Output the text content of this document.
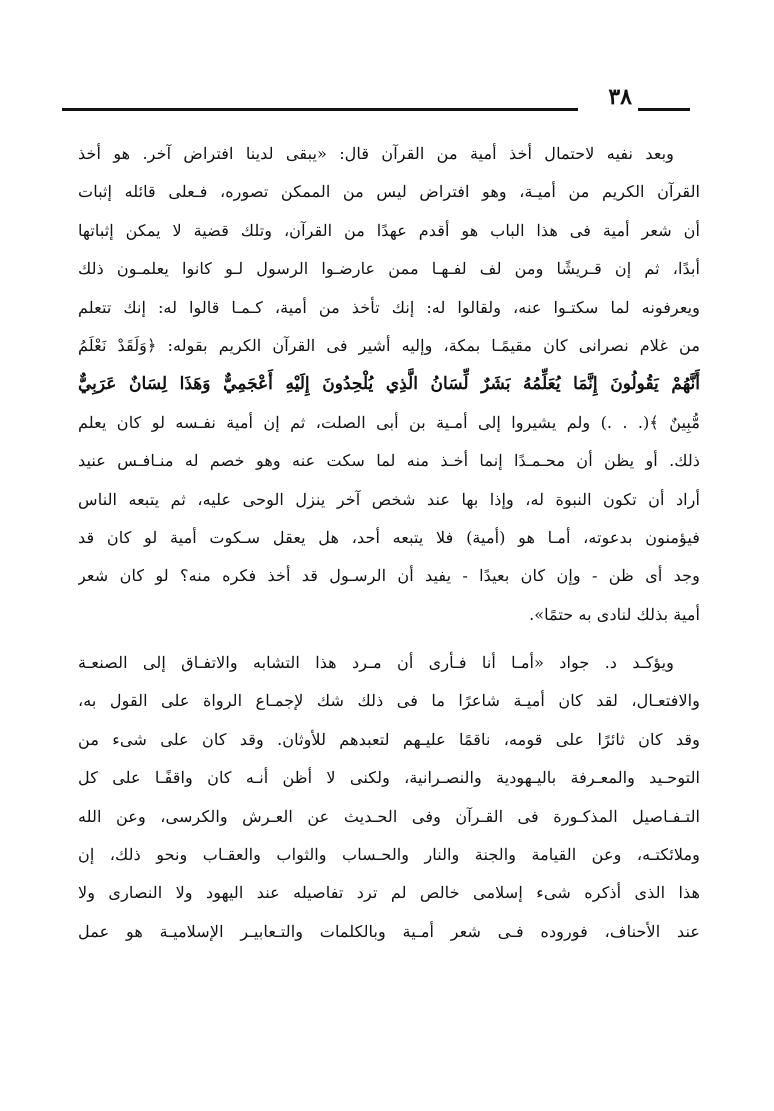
٣٨
وبعد نفيه لاحتمال أخذ أمية من القرآن قال: «يبقى لدينا افتراض آخر. هو أخذ
القرآن الكريم من أميـة، وهو افتراض ليس من الممكن تصوره، فـعلى قائله إثبات
أن شعر أمية فى هذا الباب هو أقدم عهدًا من القرآن، وتلك قضية لا يمكن إثباتها
أبدًا، ثم إن قـريشًا ومن لف لفـهـا ممن عارضـوا الرسول لـو كانوا يعلمـون ذلك
ويعرفونه لما سكتـوا عنه، ولقالوا له: إنك تأخذ من أمية، كـمـا قالوا له: إنك تتعلم
من غلام نصرانى كان مقيمًـا بمكة، وإليه أشير فى القرآن الكريم بقوله: ﴿وَلَقَدْ نَعْلَمُ
أَنَّهُمْ يَقُولُونَ إِنَّمَا يُعَلِّمُهُ بَشَرٌ لِّسَانُ الَّذِي يُلْحِدُونَ إِلَيْهِ أَعْجَمِيٌّ وَهَذَا لِسَانٌ عَرَبِيٌّ
مُّبِينٌ ﴾(. . .) ولم يشيروا إلى أمـية بن أبى الصلت، ثم إن أمية نفـسه لو كان يعلم
ذلك. أو يظن أن محـمـدًا إنما أخـذ منه لما سكت عنه وهو خصم له منـافـس عنيد
أراد أن تكون النبوة له، وإذا بها عند شخص آخر ينزل الوحى عليه، ثم يتبعه الناس
فيؤمنون بدعوته، أمـا هو (أمية) فلا يتبعه أحد، هل يعقل سـكوت أمية لو كان قد
وجد أى ظن - وإن كان بعيدًا - يفيد أن الرسـول قد أخذ فكره منه؟ لو كان شعر
أمية بذلك لنادى به حتمًا».
ويؤكـد د. جواد «أمـا أنا فـأرى أن مـرد هذا التشابه والاتفـاق إلى الصنعـة
والافتعـال، لقد كان أميـة شاعرًا ما فى ذلك شك لإجمـاع الرواة على القول به،
وقد كان ثائرًا على قومه، ناقمًا عليـهم لتعبدهم للأوثان. وقد كان على شىء من
التوحـيد والمعـرفة باليـهودية والنصـرانية، ولكنى لا أظن أنـه كان واقفًـا على كل
التـفـاصيل المذكـورة فى القـرآن وفى الحـديث عن العـرش والكرسى، وعن الله
وملائكتـه، وعن القيامة والجنة والنار والحـساب والثواب والعقـاب ونحو ذلك، إن
هذا الذى أذكره شىء إسلامى خالص لم ترد تفاصيله عند اليهود ولا النصارى ولا
عند الأحناف، فوروده فـى شعر أمـية وبالكلمات والتـعابيـر الإسلاميـة هو عمل
